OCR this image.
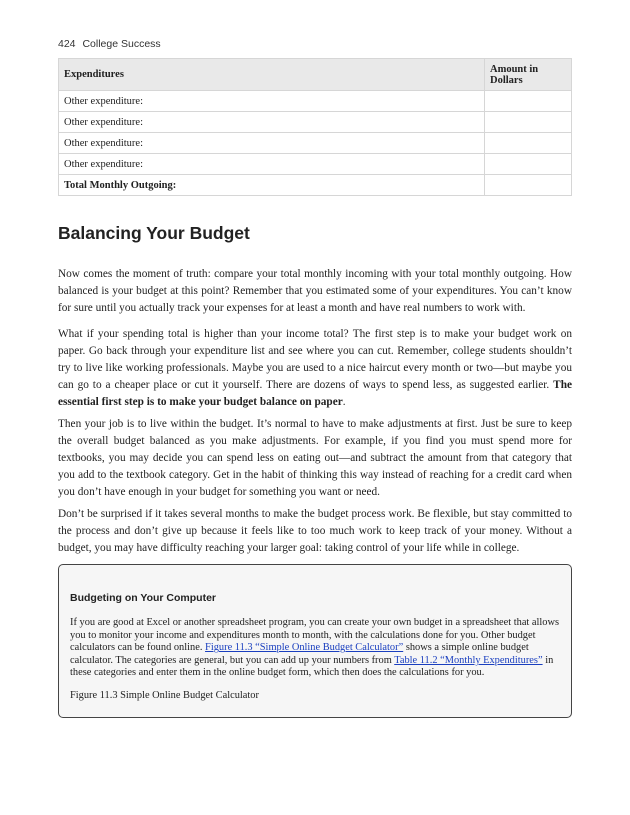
424 College Success
Expenditures	Amount in Dollars
Other expenditure:	
Other expenditure:	
Other expenditure:	
Other expenditure:	
Total Monthly Outgoing:	
Balancing Your Budget

Now comes the moment of truth: compare your total monthly incoming with your total monthly outgoing. How balanced is your budget at this point? Remember that you estimated some of your expenditures. You can’t know for sure until you actually track your expenses for at least a month and have real numbers to work with.

What if your spending total is higher than your income total? The first step is to make your budget work on paper. Go back through your expenditure list and see where you can cut. Remember, college students shouldn’t try to live like working professionals. Maybe you are used to a nice haircut every month or two—but maybe you can go to a cheaper place or cut it yourself. There are dozens of ways to spend less, as suggested earlier. The essential first step is to make your budget balance on paper.

Then your job is to live within the budget. It’s normal to have to make adjustments at first. Just be sure to keep the overall budget balanced as you make adjustments. For example, if you find you must spend more for textbooks, you may decide you can spend less on eating out—and subtract the amount from that category that you add to the textbook category. Get in the habit of thinking this way instead of reaching for a credit card when you don’t have enough in your budget for something you want or need.

Don’t be surprised if it takes several months to make the budget process work. Be flexible, but stay committed to the process and don’t give up because it feels like to too much work to keep track of your money. Without a budget, you may have difficulty reaching your larger goal: taking control of your life while in college.

Budgeting on Your Computer

If you are good at Excel or another spreadsheet program, you can create your own budget in a spreadsheet that allows you to monitor your income and expenditures month to month, with the calculations done for you. Other budget calculators can be found online. Figure 11.3 “Simple Online Budget Calculator” shows a simple online budget calculator. The categories are general, but you can add up your numbers from Table 11.2 “Monthly Expenditures” in these categories and enter them in the online budget form, which then does the calculations for you.

Figure 11.3 Simple Online Budget Calculator
